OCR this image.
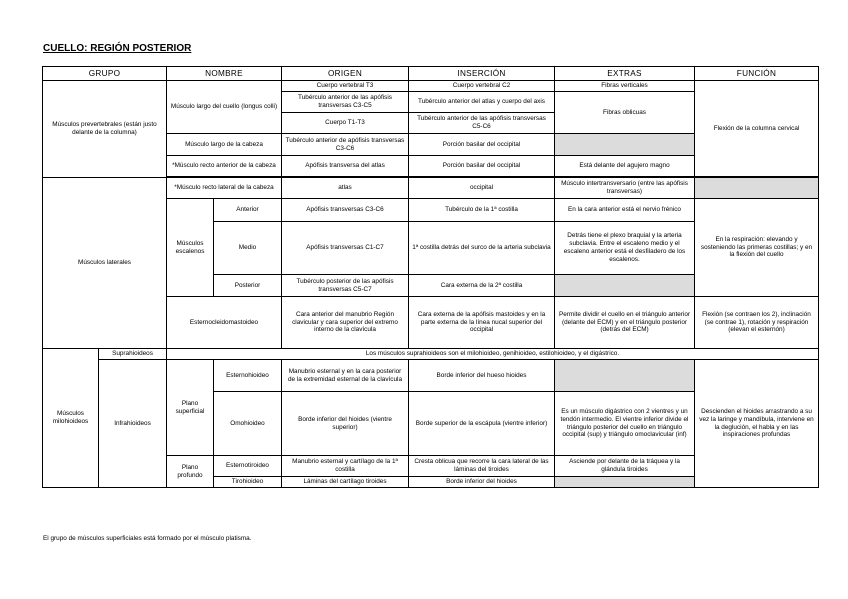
CUELLO: REGIÓN POSTERIOR
GRUPO		NOMBRE		ORIGEN	INSERCIÓN	EXTRAS	FUNCIÓN
Músculos prevertebrales (están justo delante de la columna)		Músculo largo del cuello (longus colli)		Cuerpo vertebral T3	Cuerpo vertebral C2	Fibras verticales	Flexión de la columna cervical
				Tubérculo anterior de las apófisis transversas C3-C5	Tubérculo anterior del atlas y cuerpo del axis	Fibras oblicuas	
				Cuerpo T1-T3	Tubérculo anterior de las apófisis transversas C5-C6		
		Músculo largo de la cabeza		Tubérculo anterior de apófisis transversas C3-C6	Porción basilar del occipital		
		*Músculo recto anterior de la cabeza		Apófisis transversa del atlas	Porción basilar del occipital	Está delante del agujero magno	

Músculos laterales		*Músculo recto lateral de la cabeza		atlas	occipital	Músculo intertransversario (entre las apófisis transversas)	
		Músculos escalenos	Anterior	Apófisis transversas C3-C6	Tubérculo de la 1ª costilla	En la cara anterior está el nervio frénico	En la respiración: elevando y sosteniendo las primeras costillas; y en la flexión del cuello
			Medio	Apófisis transversas C1-C7	1ª costilla detrás del surco de la arteria subclavia	Detrás tiene el plexo braquial y la arteria subclavia. Entre el escaleno medio y el escaleno anterior está el desfiladero de los escalenos.	
			Posterior	Tubérculo posterior de las apófisis transversas C5-C7	Cara externa de la 2ª costilla		
		Esternocleidomastoideo		Cara anterior del manubrio Región clavicular y cara superior del extremo interno de la clavícula	Cara externa de la apófisis mastoides y en la parte externa de la línea nucal superior del occipital	Permite dividir el cuello en el triángulo anterior (delante del ECM) y en el triángulo posterior (detrás del ECM)	Flexión (se contraen los 2), inclinación (se contrae 1), rotación y respiración (elevan el esternón)
Músculos milohioideos	Suprahioideos	Los músculos suprahioideos son el milohioideo, genihioideo, estilohioideo, y el digástrico.					
	Infrahioideos	Plano superficial	Esternohioideo	Manubrio esternal y en la cara posterior de la extremidad esternal de la clavícula	Borde inferior del hueso hioides		Descienden el hioides arrastrando a su vez la laringe y mandíbula, interviene en la deglución, el habla y en las inspiraciones profundas
			Omohioideo	Borde inferior del hioides (vientre superior)	Borde superior de la escápula (vientre inferior)	Es un músculo digástrico con 2 vientres y un tendón intermedio. El vientre inferior divide el triángulo posterior del cuello en triángulo occipital (sup) y triángulo omoclavicular (inf)	
		Plano profundo	Esternotiroideo	Manubrio esternal y cartílago de la 1ª costilla	Cresta oblicua que recorre la cara lateral de las láminas del tiroides	Asciende por delante de la tráquea y la glándula tiroides	
			Tirohioideo	Láminas del cartílago tiroides	Borde inferior del hioides		
El grupo de músculos superficiales está formado por el músculo platisma.
